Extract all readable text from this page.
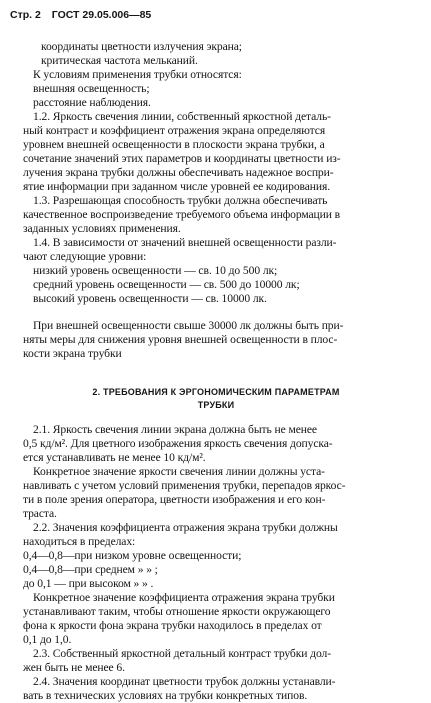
Стр. 2 ГОСТ 29.05.006—85

координаты цветности излучения экрана;

критическая частота мельканий.

К условиям применения трубки относятся:

внешняя освещенность;

расстояние наблюдения.

1.2. Яркость свечения линии, собственный яркостной деталь-

ный контраст и коэффициент отражения экрана определяются

уровнем внешней освещенности в плоскости экрана трубки, а

сочетание значений этих параметров и координаты цветности из-

лучения экрана трубки должны обеспечивать надежное воспри-

ятие информации при заданном числе уровней ее кодирования.

1.3. Разрешающая способность трубки должна обеспечивать

качественное воспроизведение требуемого объема информации в

заданных условиях применения.

1.4. В зависимости от значений внешней освещенности разли-

чают следующие уровни:

низкий уровень освещенности — св. 10 до 500 лк;

средний уровень освещенности — св. 500 до 10000 лк;

высокий уровень освещенности — св. 10000 лк.

При внешней освещенности свыше 30000 лк должны быть при-

няты меры для снижения уровня внешней освещенности в плос-

кости экрана трубки

2. ТРЕБОВАНИЯ К ЭРГОНОМИЧЕСКИМ ПАРАМЕТРАМ
ТРУБКИ

2.1. Яркость свечения линии экрана должна быть не менее

0,5 кд/м². Для цветного изображения яркость свечения допуска-

ется устанавливать не менее 10 кд/м².

Конкретное значение яркости свечения линии должны уста-

навливать с учетом условий применения трубки, перепадов яркос-

ти в поле зрения оператора, цветности изображения и его кон-

траста.

2.2. Значения коэффициента отражения экрана трубки должны

находиться в пределах:

0,4—0,8—при низком уровне освещенности;

0,4—0,8—при среднем » » ;

до 0,1 — при высоком » » .

Конкретное значение коэффициента отражения экрана трубки

устанавливают таким, чтобы отношение яркости окружающего

фона к яркости фона экрана трубки находилось в пределах от

0,1 до 1,0.

2.3. Собственный яркостной детальный контраст трубки дол-

жен быть не менее 6.

2.4. Значения координат цветности трубок должны устанавли-

вать в технических условиях на трубки конкретных типов.
